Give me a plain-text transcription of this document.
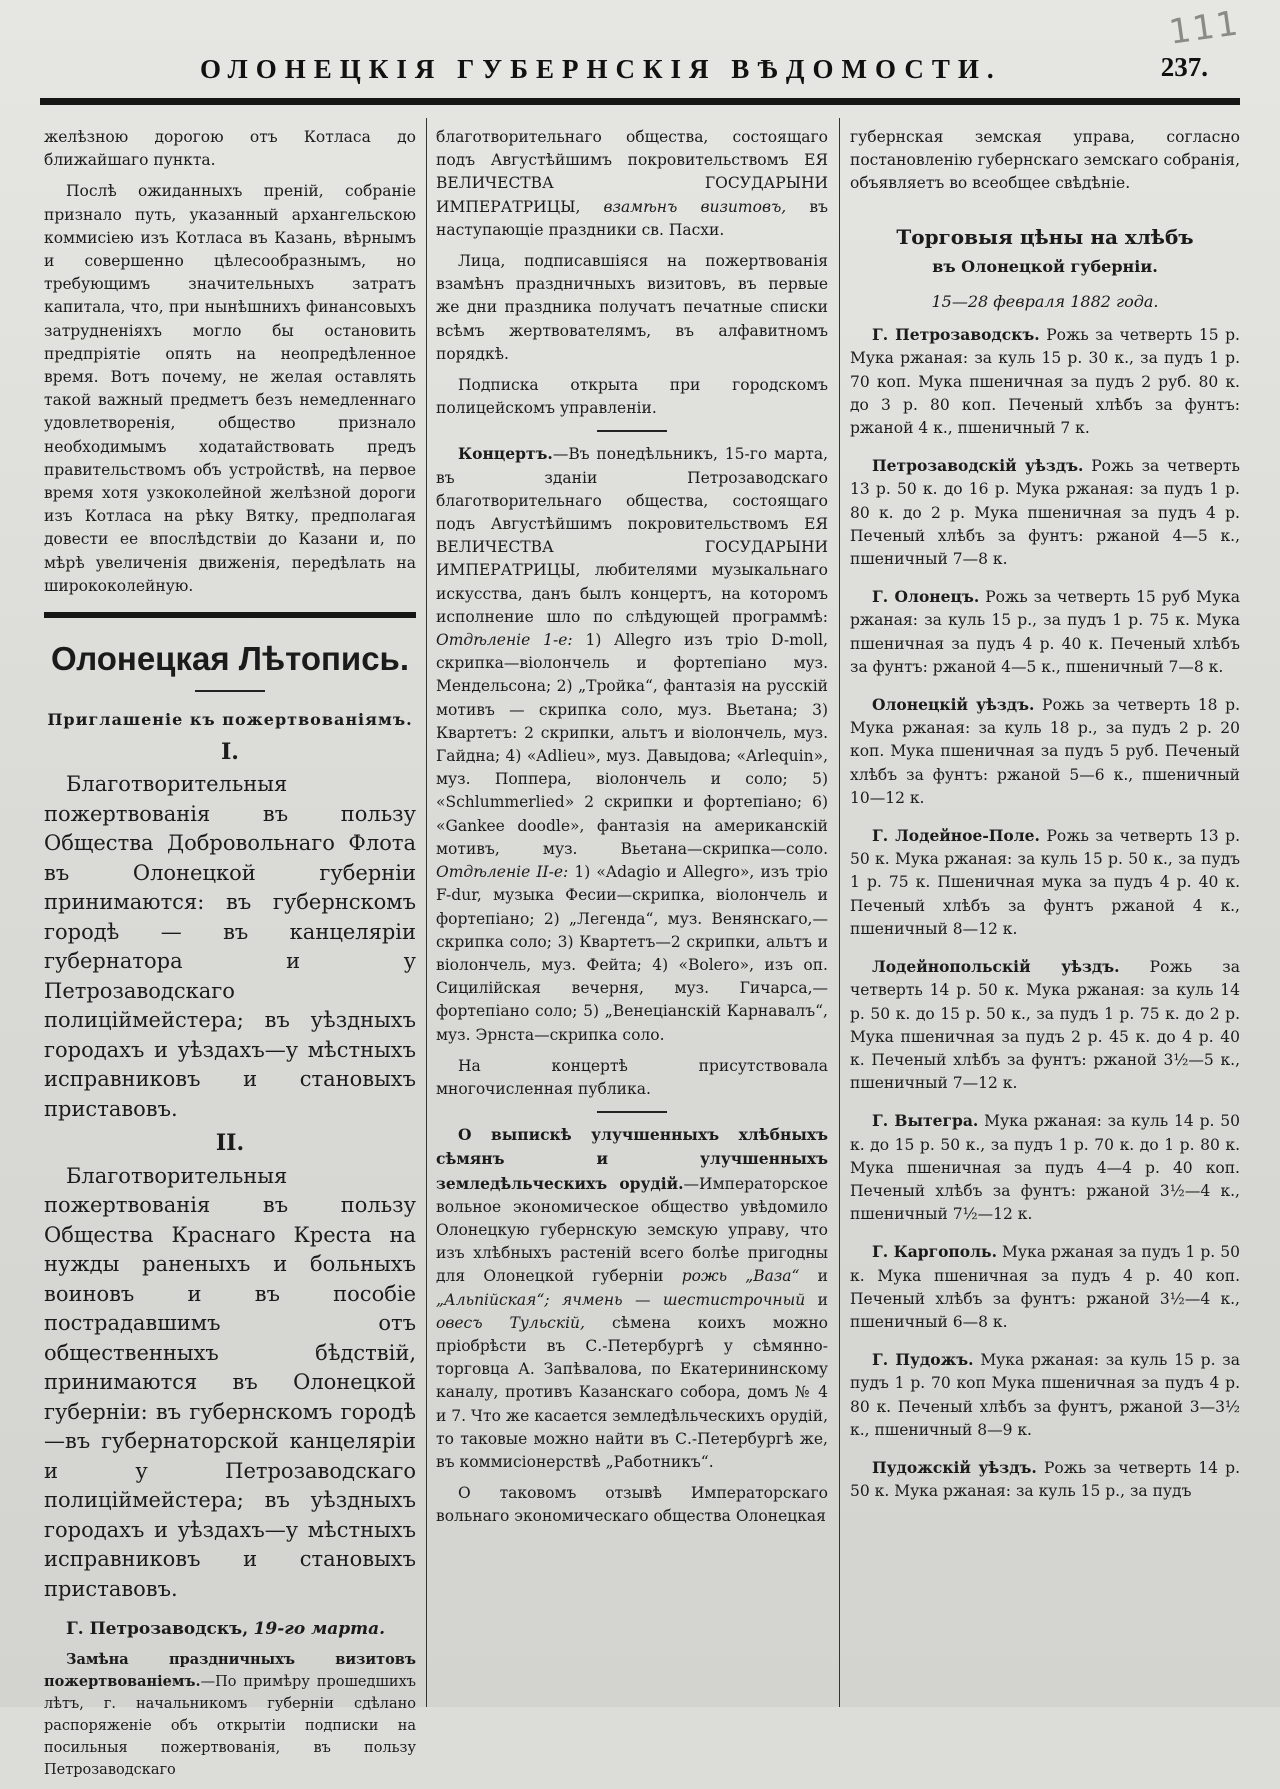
111
ОЛОНЕЦКІЯ ГУБЕРНСКІЯ ВѢДОМОСТИ.	237.

желѣзною дорогою отъ Котласа до ближайшаго пункта.

Послѣ ожиданныхъ преній, собраніе признало путь, указанный архангельскою коммисіею изъ Котласа въ Казань, вѣрнымъ и совершенно цѣлесообразнымъ, но требующимъ значительныхъ затратъ капитала, что, при нынѣшнихъ финансовыхъ затрудненіяхъ могло бы остановить предпріятіе опять на неопредѣленное время. Вотъ почему, не желая оставлять такой важный предметъ безъ немедленнаго удовлетворенія, общество признало необходимымъ ходатайствовать предъ правительствомъ объ устройствѣ, на первое время хотя узкоколейной желѣзной дороги изъ Котласа на рѣку Вятку, предполагая довести ее впослѣдствіи до Казани и, по мѣрѣ увеличенія движенія, передѣлать на ширококолейную.

Олонецкая Лѣтопись.
Приглашеніе къ пожертвованіямъ.
I.

Благотворительныя пожертвованія въ пользу Общества Добровольнаго Флота въ Олонецкой губерніи принимаются: въ губернскомъ городѣ — въ канцеляріи губернатора и у Петрозаводскаго полиціймейстера; въ уѣздныхъ городахъ и уѣздахъ—у мѣстныхъ исправниковъ и становыхъ приставовъ.

II.

Благотворительныя пожертвованія въ пользу Общества Краснаго Креста на нужды раненыхъ и больныхъ воиновъ и въ пособіе пострадавшимъ отъ общественныхъ бѣдствій, принимаются въ Олонецкой губерніи: въ губернскомъ городѣ—въ губернаторской канцеляріи и у Петрозаводскаго полиціймейстера; въ уѣздныхъ городахъ и уѣздахъ—у мѣстныхъ исправниковъ и становыхъ приставовъ.

Г. Петрозаводскъ, 19-го марта.

Замѣна праздничныхъ визитовъ пожертвованіемъ.—По примѣру прошедшихъ лѣтъ, г. начальникомъ губерніи сдѣлано распоряженіе объ открытіи подписки на посильныя пожертвованія, въ пользу Петрозаводскаго

благотворительнаго общества, состоящаго подъ Августѣйшимъ покровительствомъ ЕЯ ВЕЛИЧЕСТВА ГОСУДАРЫНИ ИМПЕРАТРИЦЫ, взамѣнъ визитовъ, въ наступающіе праздники св. Пасхи.

Лица, подписавшіяся на пожертвованія взамѣнъ праздничныхъ визитовъ, въ первые же дни праздника получатъ печатные списки всѣмъ жертвователямъ, въ алфавитномъ порядкѣ.

Подписка открыта при городскомъ полицейскомъ управленіи.

Концертъ.—Въ понедѣльникъ, 15-го марта, въ зданіи Петрозаводскаго благотворительнаго общества, состоящаго подъ Августѣйшимъ покровительствомъ ЕЯ ВЕЛИЧЕСТВА ГОСУДАРЫНИ ИМПЕРАТРИЦЫ, любителями музыкальнаго искусства, данъ былъ концертъ, на которомъ исполнение шло по слѣдующей программѣ: Отдѣленіе 1-е: 1) Allegro изъ тріо D-moll, скрипка—віолончель и фортепіано муз. Мендельсона; 2) „Тройка“, фантазія на русскій мотивъ — скрипка соло, муз. Вьетана; 3) Квартетъ: 2 скрипки, альтъ и віолончель, муз. Гайдна; 4) «Adlieu», муз. Давыдова; «Arlequin», муз. Поппера, віолончель и соло; 5) «Schlummerlied» 2 скрипки и фортепіано; 6) «Gankee doodle», фантазія на американскій мотивъ, муз. Вьетана—скрипка—соло. Отдѣленіе II-е: 1) «Adagio и Allegro», изъ тріо F-dur, музыка Фесии—скрипка, віолончель и фортепіано; 2) „Легенда“, муз. Венянскаго,—скрипка соло; 3) Квартетъ—2 скрипки, альтъ и віолончель, муз. Фейта; 4) «Bolero», изъ оп. Сицилійская вечерня, муз. Гичарса,—фортепіано соло; 5) „Венеціанскій Карнавалъ“, муз. Эрнста—скрипка соло.

На концертѣ присутствовала многочисленная публика.

О выпискѣ улучшенныхъ хлѣбныхъ сѣмянъ и улучшенныхъ земледѣльческихъ орудій.—Императорское вольное экономическое общество увѣдомило Олонецкую губернскую земскую управу, что изъ хлѣбныхъ растеній всего болѣе пригодны для Олонецкой губерніи рожь „Ваза“ и „Альпійская“; ячмень — шестистрочный и овесъ Тульскій, сѣмена коихъ можно пріобрѣсти въ С.-Петербургѣ у сѣмянно-торговца А. Запѣвалова, по Екатерининскому каналу, противъ Казанскаго собора, домъ № 4 и 7. Что же касается земледѣльческихъ орудій, то таковые можно найти въ С.-Петербургѣ же, въ коммисіонерствѣ „Работникъ“.

О таковомъ отзывѣ Императорскаго вольнаго экономическаго общества Олонецкая

губернская земская управа, согласно постановленію губернскаго земскаго собранія, объявляетъ во всеобщее свѣдѣніе.

Торговыя цѣны на хлѣбъ
въ Олонецкой губерніи.
15—28 февраля 1882 года.

Г. Петрозаводскъ. Рожь за четверть 15 р. Мука ржаная: за куль 15 р. 30 к., за пудъ 1 р. 70 коп. Мука пшеничная за пудъ 2 руб. 80 к. до 3 р. 80 коп. Печеный хлѣбъ за фунтъ: ржаной 4 к., пшеничный 7 к.

Петрозаводскій уѣздъ. Рожь за четверть 13 р. 50 к. до 16 р. Мука ржаная: за пудъ 1 р. 80 к. до 2 р. Мука пшеничная за пудъ 4 р. Печеный хлѣбъ за фунтъ: ржаной 4—5 к., пшеничный 7—8 к.

Г. Олонецъ. Рожь за четверть 15 руб Мука ржаная: за куль 15 р., за пудъ 1 р. 75 к. Мука пшеничная за пудъ 4 р. 40 к. Печеный хлѣбъ за фунтъ: ржаной 4—5 к., пшеничный 7—8 к.

Олонецкій уѣздъ. Рожь за четверть 18 р. Мука ржаная: за куль 18 р., за пудъ 2 р. 20 коп. Мука пшеничная за пудъ 5 руб. Печеный хлѣбъ за фунтъ: ржаной 5—6 к., пшеничный 10—12 к.

Г. Лодейное-Поле. Рожь за четверть 13 р. 50 к. Мука ржаная: за куль 15 р. 50 к., за пудъ 1 р. 75 к. Пшеничная мука за пудъ 4 р. 40 к. Печеный хлѣбъ за фунтъ ржаной 4 к., пшеничный 8—12 к.

Лодейнопольскій уѣздъ. Рожь за четверть 14 р. 50 к. Мука ржаная: за куль 14 р. 50 к. до 15 р. 50 к., за пудъ 1 р. 75 к. до 2 р. Мука пшеничная за пудъ 2 р. 45 к. до 4 р. 40 к. Печеный хлѣбъ за фунтъ: ржаной 3½—5 к., пшеничный 7—12 к.

Г. Вытегра. Мука ржаная: за куль 14 р. 50 к. до 15 р. 50 к., за пудъ 1 р. 70 к. до 1 р. 80 к. Мука пшеничная за пудъ 4—4 р. 40 коп. Печеный хлѣбъ за фунтъ: ржаной 3½—4 к., пшеничный 7½—12 к.

Г. Каргополь. Мука ржаная за пудъ 1 р. 50 к. Мука пшеничная за пудъ 4 р. 40 коп. Печеный хлѣбъ за фунтъ: ржаной 3½—4 к., пшеничный 6—8 к.

Г. Пудожъ. Мука ржаная: за куль 15 р. за пудъ 1 р. 70 коп Мука пшеничная за пудъ 4 р. 80 к. Печеный хлѣбъ за фунтъ, ржаной 3—3½ к., пшеничный 8—9 к.

Пудожскій уѣздъ. Рожь за четверть 14 р. 50 к. Мука ржаная: за куль 15 р., за пудъ
